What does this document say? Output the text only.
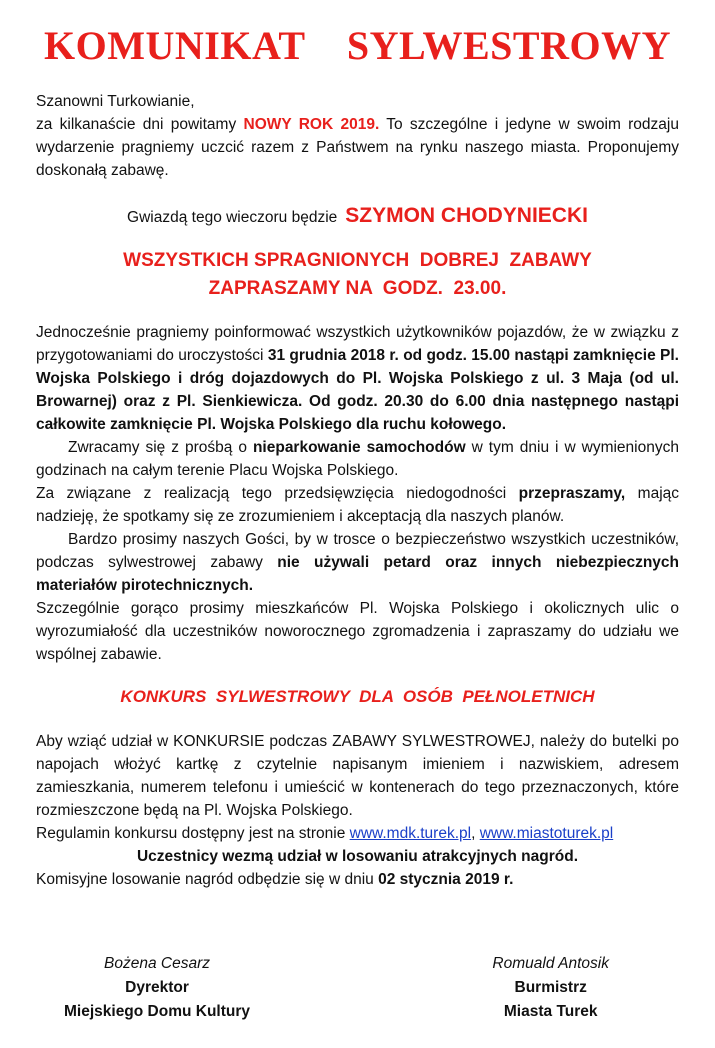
KOMUNIKAT    SYLWESTROWY

Szanowni Turkowianie,

za kilkanaście dni powitamy NOWY ROK 2019. To szczególne i jedyne w swoim rodzaju wydarzenie pragniemy uczcić razem z Państwem na rynku naszego miasta. Proponujemy doskonałą zabawę.

Gwiazdą tego wieczoru będzie SZYMON CHODYNIECKI

WSZYSTKICH SPRAGNIONYCH  DOBREJ  ZABAWY
ZAPRASZAMY NA  GODZ.  23.00.

Jednocześnie pragniemy poinformować wszystkich użytkowników pojazdów, że w związku z przygotowaniami do uroczystości 31 grudnia 2018 r. od godz. 15.00 nastąpi zamknięcie Pl. Wojska Polskiego i dróg dojazdowych do Pl. Wojska Polskiego z ul. 3 Maja (od ul. Browarnej) oraz z Pl. Sienkiewicza. Od godz. 20.30 do 6.00 dnia następnego nastąpi całkowite zamknięcie Pl. Wojska Polskiego dla ruchu kołowego.

Zwracamy się z prośbą o nieparkowanie samochodów w tym dniu i w wymienionych godzinach na całym terenie Placu Wojska Polskiego.

Za związane z realizacją tego przedsięwzięcia niedogodności przepraszamy, mając nadzieję, że spotkamy się ze zrozumieniem i akceptacją dla naszych planów.

Bardzo prosimy naszych Gości, by w trosce o bezpieczeństwo wszystkich uczestników, podczas sylwestrowej zabawy nie używali petard oraz innych niebezpiecznych materiałów pirotechnicznych.

Szczególnie gorąco prosimy mieszkańców Pl. Wojska Polskiego i okolicznych ulic o wyrozumiałość dla uczestników noworocznego zgromadzenia i zapraszamy do udziału we wspólnej zabawie.

KONKURS  SYLWESTROWY  DLA  OSÓB  PEŁNOLETNICH

Aby wziąć udział w KONKURSIE podczas ZABAWY SYLWESTROWEJ, należy do butelki po napojach włożyć kartkę z czytelnie napisanym imieniem i nazwiskiem, adresem zamieszkania, numerem telefonu i umieścić w kontenerach do tego przeznaczonych, które rozmieszczone będą na Pl. Wojska Polskiego.

Regulamin konkursu dostępny jest na stronie www.mdk.turek.pl, www.miastoturek.pl

Uczestnicy wezmą udział w losowaniu atrakcyjnych nagród.

Komisyjne losowanie nagród odbędzie się w dniu 02 stycznia 2019 r.

Bożena Cesarz
Dyrektor
Miejskiego Domu Kultury
Romuald Antosik
Burmistrz
Miasta Turek
